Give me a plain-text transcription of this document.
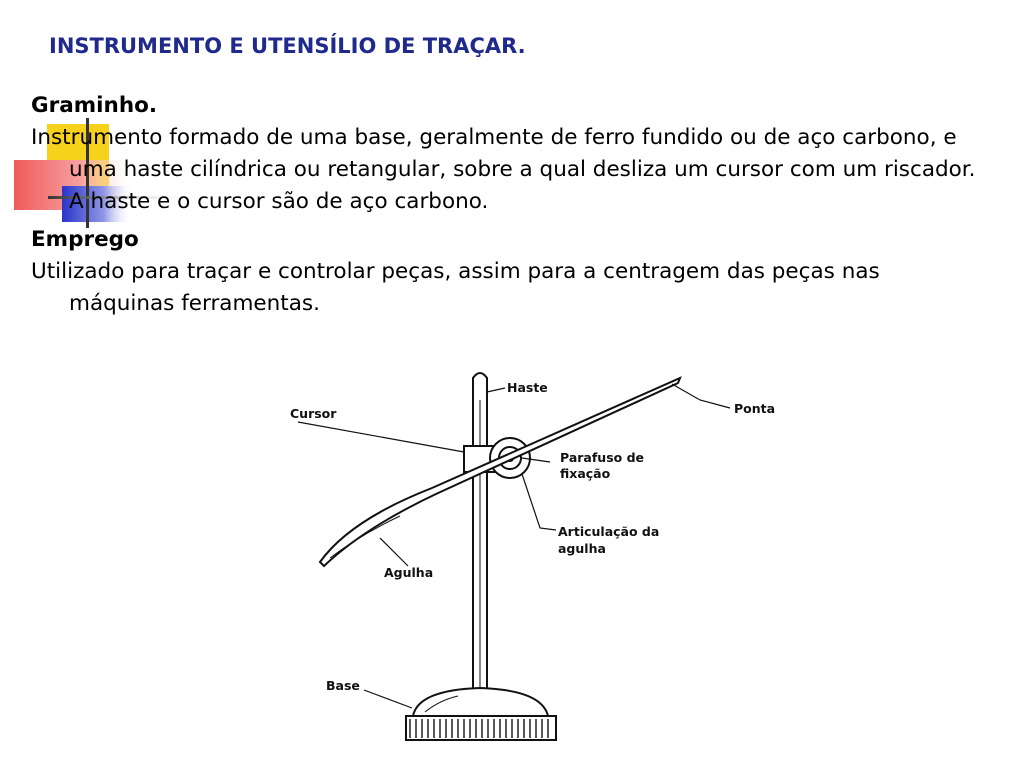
INSTRUMENTO E UTENSÍLIO DE TRAÇAR.

Graminho.

Instrumento formado de uma base, geralmente de ferro fundido ou de aço carbono, e uma haste cilíndrica ou retangular, sobre a qual desliza um cursor com um riscador. A haste e o cursor são de aço carbono.

Emprego

Utilizado para traçar e controlar peças, assim para a centragem das peças nas máquinas ferramentas.

Haste
Cursor	Ponta
Parafuso de
fixação
Articulação da
agulha
Agulha
Base
